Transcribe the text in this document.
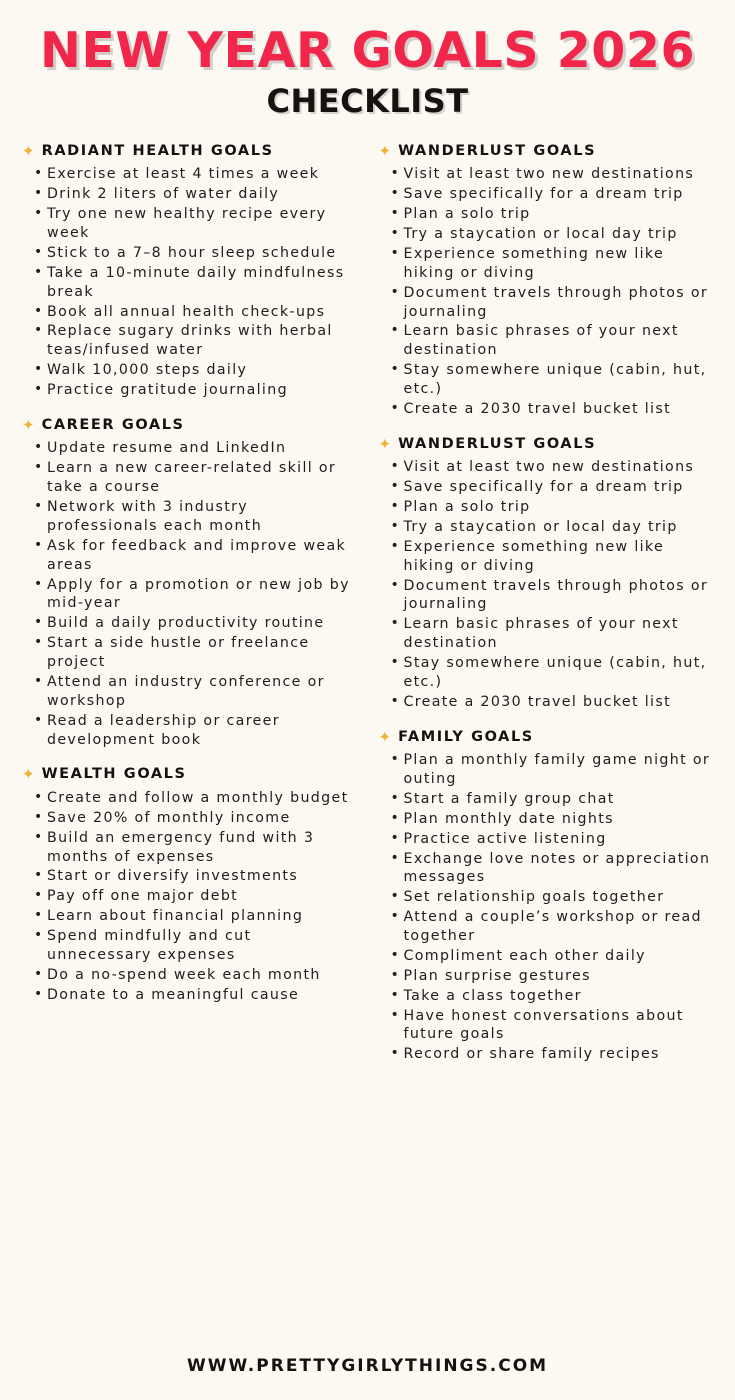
NEW YEAR GOALS 2026
CHECKLIST
✦ RADIANT HEALTH GOALS
• Exercise at least 4 times a week
• Drink 2 liters of water daily
• Try one new healthy recipe every week
• Stick to a 7–8 hour sleep schedule
• Take a 10-minute daily mindfulness break
• Book all annual health check-ups
• Replace sugary drinks with herbal teas/infused water
• Walk 10,000 steps daily
• Practice gratitude journaling
✦ CAREER GOALS
• Update resume and LinkedIn
• Learn a new career-related skill or take a course
• Network with 3 industry professionals each month
• Ask for feedback and improve weak areas
• Apply for a promotion or new job by mid-year
• Build a daily productivity routine
• Start a side hustle or freelance project
• Attend an industry conference or workshop
• Read a leadership or career development book
✦ WEALTH GOALS
• Create and follow a monthly budget
• Save 20% of monthly income
• Build an emergency fund with 3 months of expenses
• Start or diversify investments
• Pay off one major debt
• Learn about financial planning
• Spend mindfully and cut unnecessary expenses
• Do a no-spend week each month
• Donate to a meaningful cause
✦ WANDERLUST GOALS
• Visit at least two new destinations
• Save specifically for a dream trip
• Plan a solo trip
• Try a staycation or local day trip
• Experience something new like hiking or diving
• Document travels through photos or journaling
• Learn basic phrases of your next destination
• Stay somewhere unique (cabin, hut, etc.)
• Create a 2030 travel bucket list
✦ WANDERLUST GOALS
• Visit at least two new destinations
• Save specifically for a dream trip
• Plan a solo trip
• Try a staycation or local day trip
• Experience something new like hiking or diving
• Document travels through photos or journaling
• Learn basic phrases of your next destination
• Stay somewhere unique (cabin, hut, etc.)
• Create a 2030 travel bucket list
✦ FAMILY GOALS
• Plan a monthly family game night or outing
• Start a family group chat
• Plan monthly date nights
• Practice active listening
• Exchange love notes or appreciation messages
• Set relationship goals together
• Attend a couple’s workshop or read together
• Compliment each other daily
• Plan surprise gestures
• Take a class together
• Have honest conversations about future goals
• Record or share family recipes
WWW.PRETTYGIRLYTHINGS.COM
